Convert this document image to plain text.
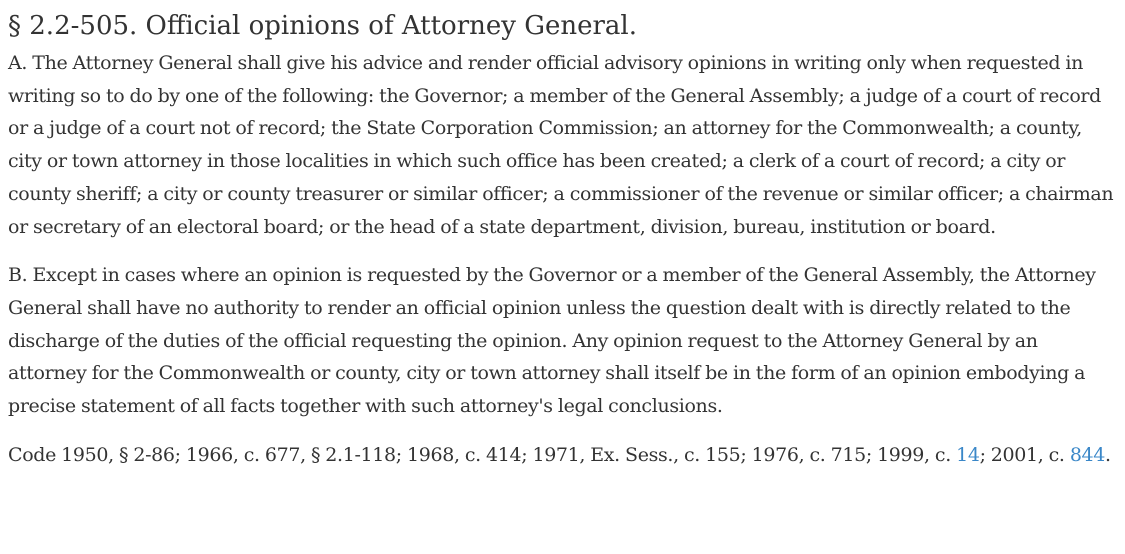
§ 2.2-505. Official opinions of Attorney General.

A. The Attorney General shall give his advice and render official advisory opinions in writing only when requested in writing so to do by one of the following: the Governor; a member of the General Assembly; a judge of a court of record or a judge of a court not of record; the State Corporation Commission; an attorney for the Commonwealth; a county, city or town attorney in those localities in which such office has been created; a clerk of a court of record; a city or county sheriff; a city or county treasurer or similar officer; a commissioner of the revenue or similar officer; a chairman or secretary of an electoral board; or the head of a state department, division, bureau, institution or board.

B. Except in cases where an opinion is requested by the Governor or a member of the General Assembly, the Attorney General shall have no authority to render an official opinion unless the question dealt with is directly related to the discharge of the duties of the official requesting the opinion. Any opinion request to the Attorney General by an attorney for the Commonwealth or county, city or town attorney shall itself be in the form of an opinion embodying a precise statement of all facts together with such attorney's legal conclusions.

Code 1950, § 2-86; 1966, c. 677, § 2.1-118; 1968, c. 414; 1971, Ex. Sess., c. 155; 1976, c. 715; 1999, c. 14; 2001, c. 844.
